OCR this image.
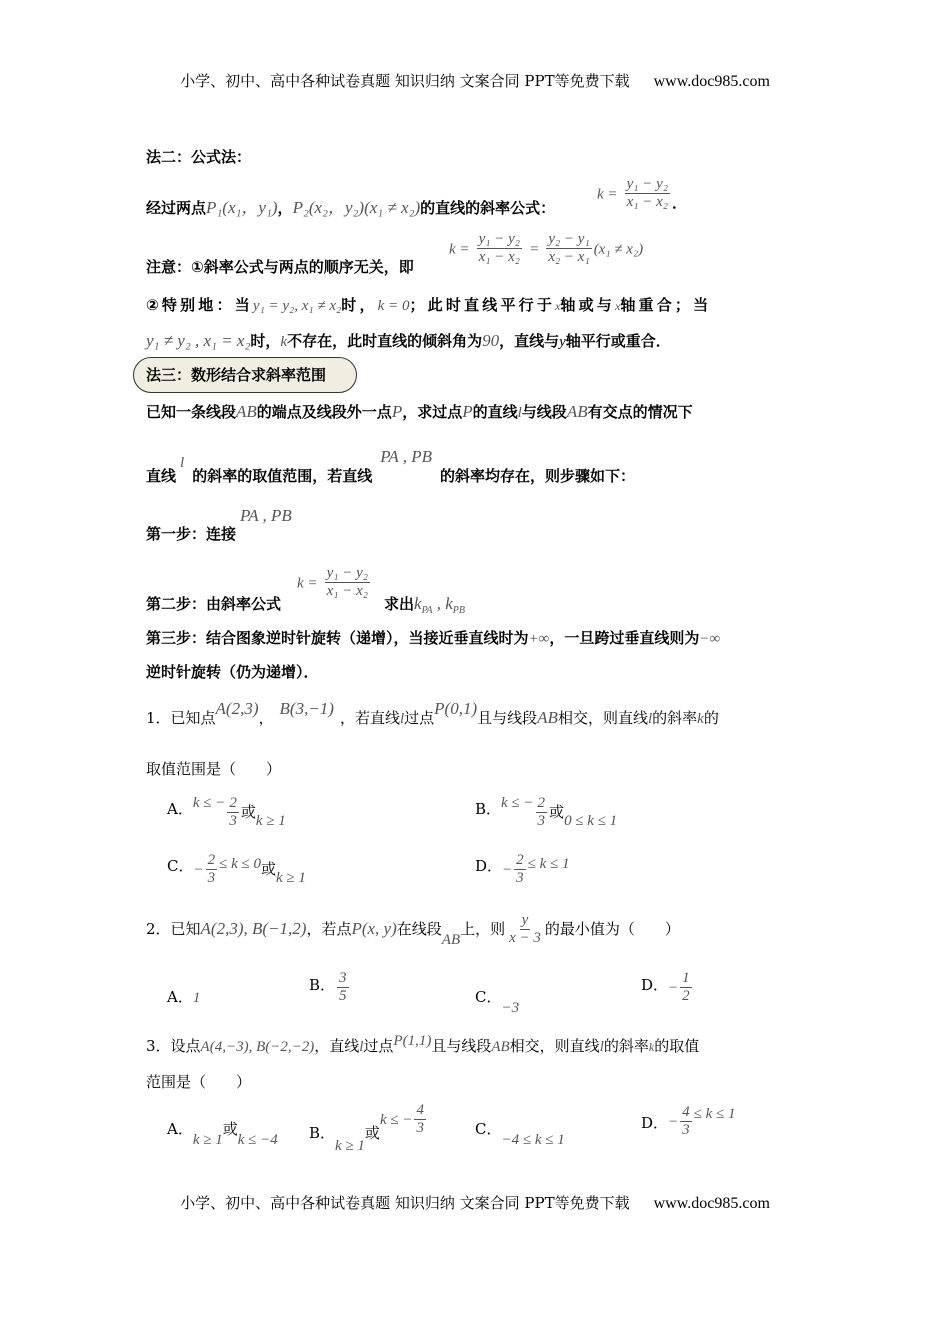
小学、初中、高中各种试卷真题 知识归纳 文案合同 PPT等免费下载 www.doc985.com
法二：公式法：
经过两点P₁(x₁，y₁)，P₂(x₂，y₂)(x₁ ≠ x₂)的直线的斜率公式：
$k = \frac{\text{y₁ − y₂}}{\text{x₁ − x₂}}$ ．
注意：①斜率公式与两点的顺序无关，即
$k = \frac{\text{y₁ − y₂}}{\text{x₁ − x₂}} = \frac{\text{y₂ − y₁}}{\text{x₂ − x₁}} (x_1 \ne x_2)$
②特别地：当y₁ = y₂, x₁ ≠ x₂时，k = 0；此时直线平行于x轴或与x轴重合；当
y₁ ≠ y₂ , x₁ = x₂时，k不存在，此时直线的倾斜角为90，直线与y轴平行或重合．
法三：数形结合求斜率范围
已知一条线段AB的端点及线段外一点P，求过点P的直线l与线段AB有交点的情况下
直线l的斜率的取值范围，若直线PA , PB的斜率均存在，则步骤如下：
第一步：连接PA , PB
第二步：由斜率公式
$k = \frac{\text{y₁ − y₂}}{\text{x₁ − x₂}}$
求出$k_{PA}$ , $k_{PB}$
第三步：结合图象逆时针旋转（递增），当接近垂直线时为+∞，一旦跨过垂直线则为−∞
逆时针旋转（仍为递增）．
1．已知点A(2,3)， B(3,−1) ，若直线l过点P(0,1)且与线段AB相交，则直线l的斜率k的
取值范围是（　　）
A．k ≤ − $\frac{2}{3}$ 或k ≥ 1
B．k ≤ − $\frac{2}{3}$ 或0 ≤ k ≤ 1
C．− $\frac{2}{3} \le k \le 0$或k ≥ 1
D．− $\frac{2}{3} \le k \le 1$
2．已知A(2,3), B(−1,2)，若点P(x, y)在线段AB上，则 $\frac{y}{x - 3}$ 的最小值为（　　）
A．1
B． $\frac{3}{5}$	C．−3
D．− $\frac{1}{2}$
3．设点A(4,−3), B(−2,−2)，直线l过点P(1,1)且与线段AB相交，则直线l的斜率k的取值
范围是（　　）
A．k ≥ 1或k ≤ −4 B．k ≥ 1或k ≤ − $\frac{4}{3}$	C．−4 ≤ k ≤ 1
D．− $\frac{4}{3} \le k \le 1$
小学、初中、高中各种试卷真题 知识归纳 文案合同 PPT等免费下载 www.doc985.com
